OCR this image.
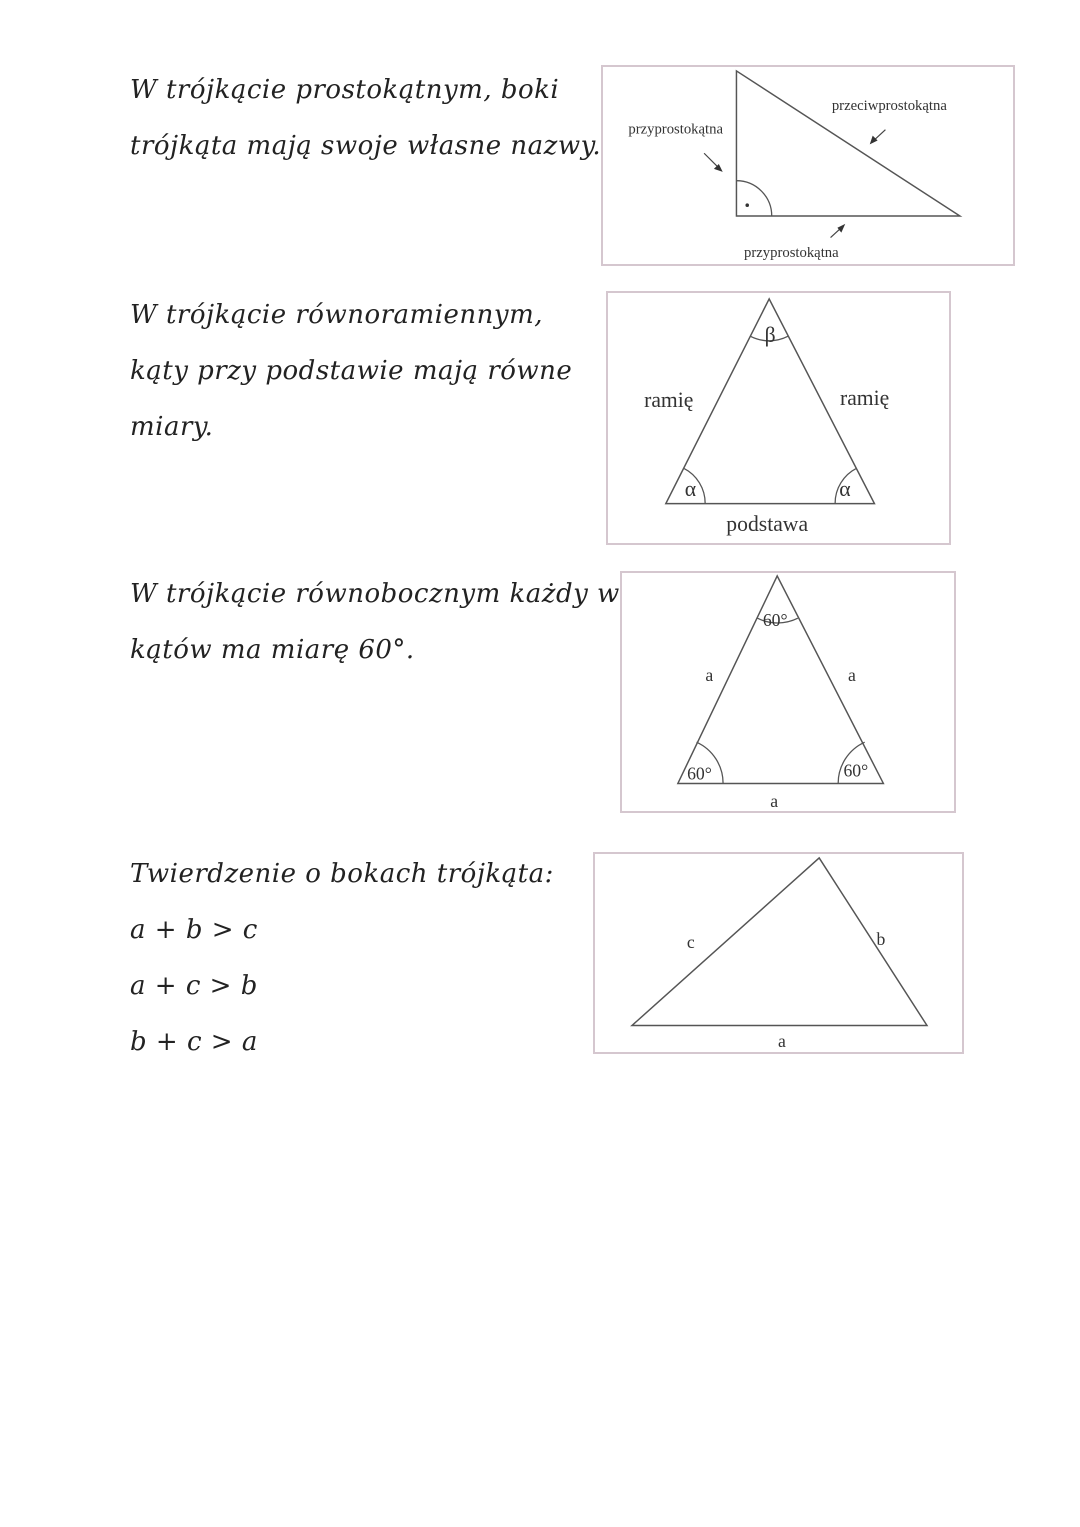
W trójkącie prostokątnym, boki

trójkąta mają swoje własne nazwy.

przyprostokątna
przeciwprostokątna
przyprostokątna

W trójkącie równoramiennym,

kąty przy podstawie mają równe

miary.

β
α	α
ramię	ramię
podstawa

W trójkącie równobocznym każdy w

kątów ma miarę 60°.

60°
60°	60°
a	a
a

Twierdzenie o bokach trójkąta:

a + b > c

a + c > b

b + c > a

c	b
a
